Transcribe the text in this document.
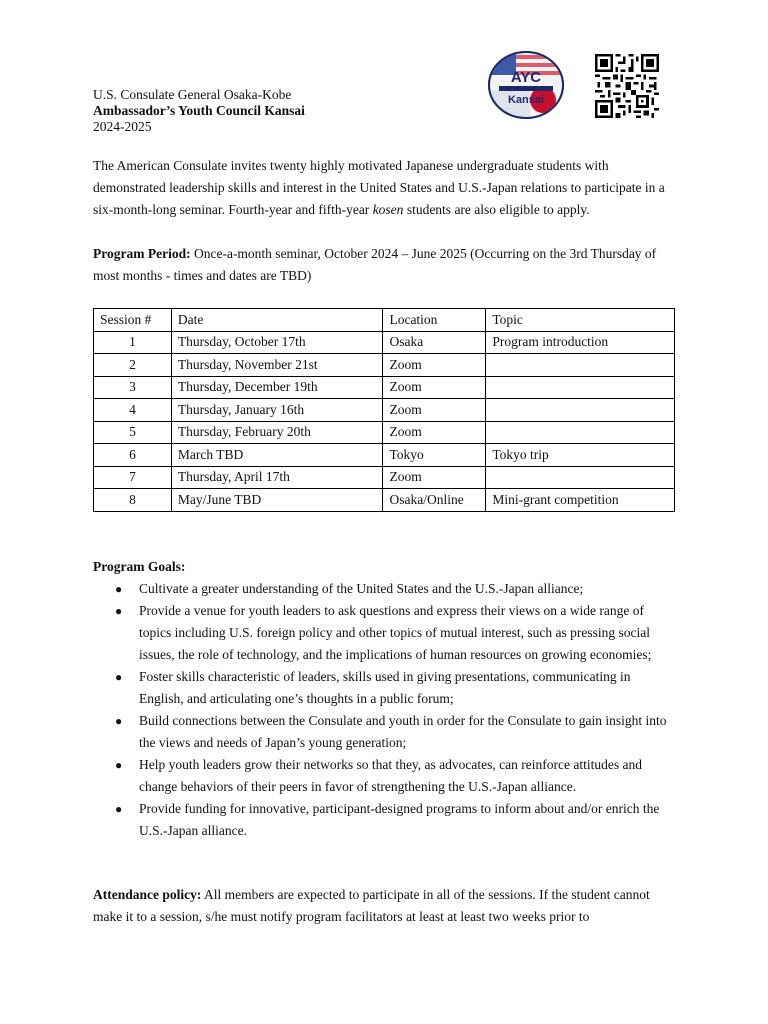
U.S. Consulate General Osaka-Kobe
Ambassador’s Youth Council Kansai
2024-2025
AYC
Kansai

The American Consulate invites twenty highly motivated Japanese undergraduate students with demonstrated leadership skills and interest in the United States and U.S.-Japan relations to participate in a six-month-long seminar. Fourth-year and fifth-year kosen students are also eligible to apply.

Program Period: Once-a-month seminar, October 2024 – June 2025 (Occurring on the 3rd Thursday of most months - times and dates are TBD)

Session #	Date	Location	Topic
1	Thursday, October 17th	Osaka	Program introduction
2	Thursday, November 21st	Zoom	
3	Thursday, December 19th	Zoom	
4	Thursday, January 16th	Zoom	
5	Thursday, February 20th	Zoom	
6	March TBD	Tokyo	Tokyo trip
7	Thursday, April 17th	Zoom	
8	May/June TBD	Osaka/Online	Mini-grant competition

Program Goals:

● Cultivate a greater understanding of the United States and the U.S.-Japan alliance;
● Provide a venue for youth leaders to ask questions and express their views on a wide range of topics including U.S. foreign policy and other topics of mutual interest, such as pressing social issues, the role of technology, and the implications of human resources on growing economies;
● Foster skills characteristic of leaders, skills used in giving presentations, communicating in English, and articulating one’s thoughts in a public forum;
● Build connections between the Consulate and youth in order for the Consulate to gain insight into the views and needs of Japan’s young generation;
● Help youth leaders grow their networks so that they, as advocates, can reinforce attitudes and change behaviors of their peers in favor of strengthening the U.S.-Japan alliance.
● Provide funding for innovative, participant-designed programs to inform about and/or enrich the U.S.-Japan alliance.

Attendance policy: All members are expected to participate in all of the sessions. If the student cannot make it to a session, s/he must notify program facilitators at least at least two weeks prior to
